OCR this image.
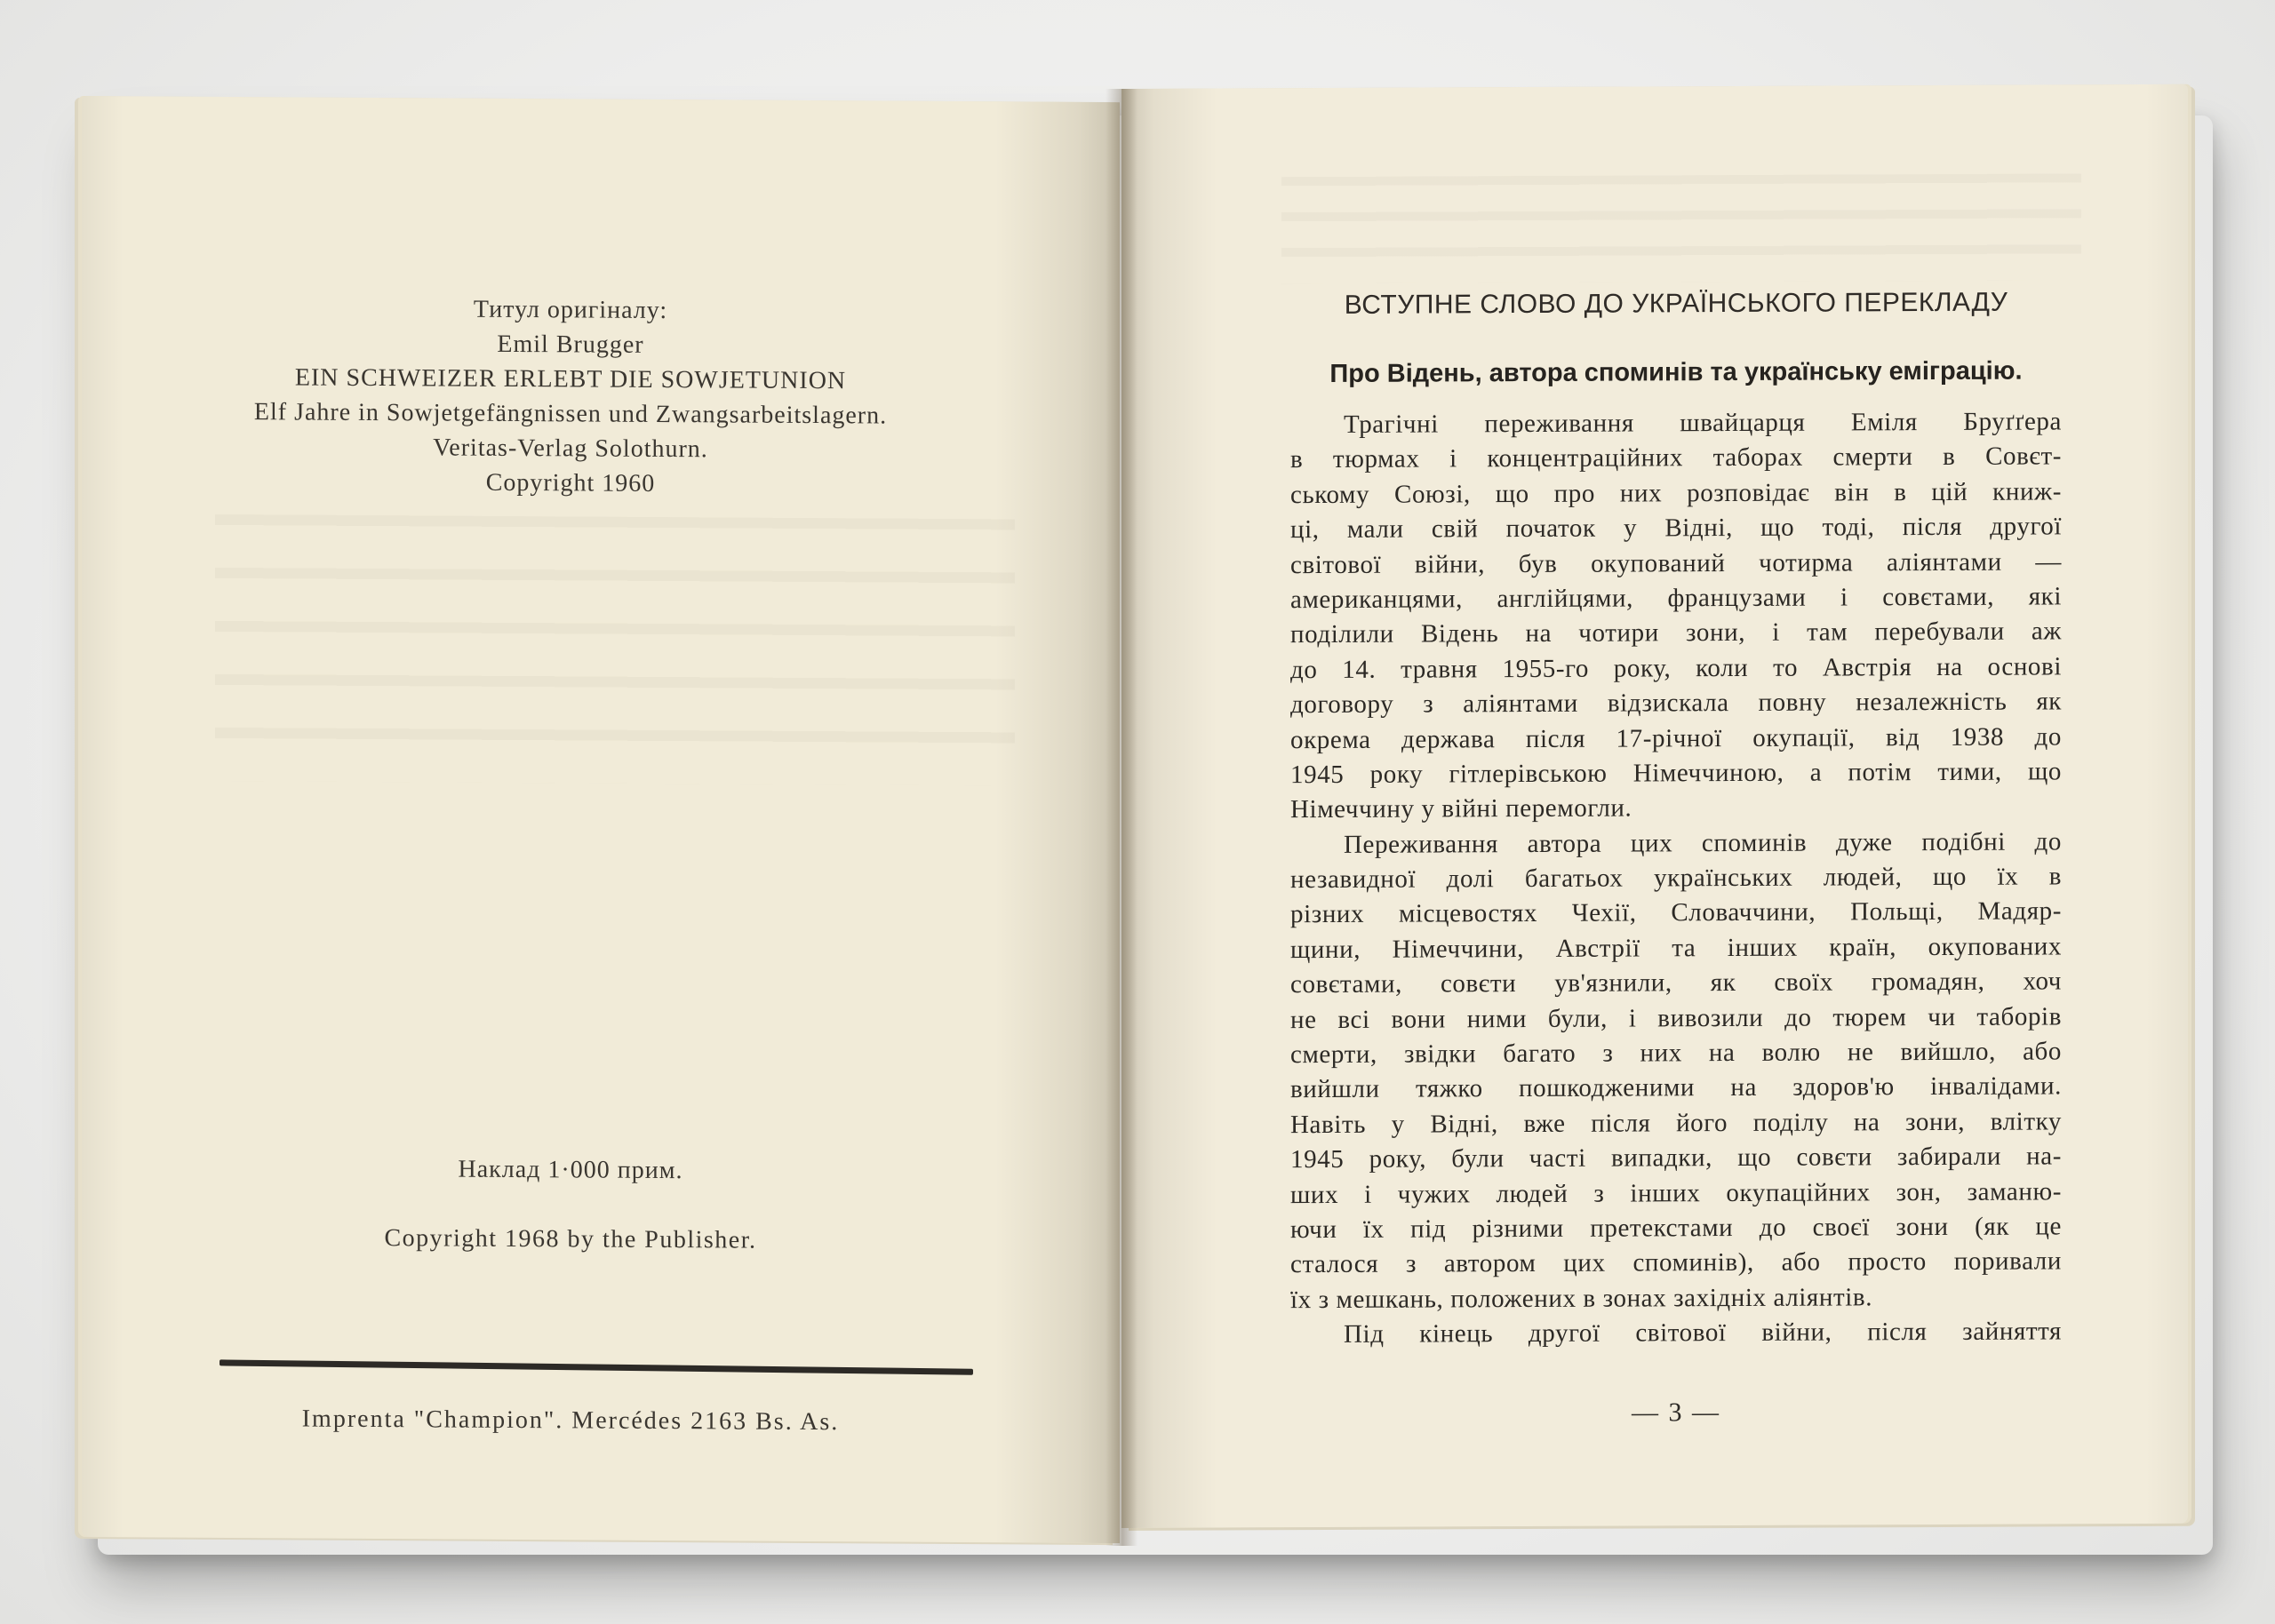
Титул оригіналу:
Emil Brugger
EIN SCHWEIZER ERLEBT DIE SOWJETUNION
Elf Jahre in Sowjetgefängnissen und Zwangsarbeitslagern.
Veritas-Verlag Solothurn.
Copyright 1960
Наклад 1·000 прим.
Copyright 1968 by the Publisher.
Imprenta "Champion". Mercédes 2163 Bs. As.
ВСТУПНЕ СЛОВО ДО УКРАЇНСЬКОГО ПЕРЕКЛАДУ
Про Відень, автора споминів та українську еміграцію.
Трагічні переживання швайцарця Еміля Бруґґера
в тюрмах і концентраційних таборах смерти в Совєт-
ському Союзі, що про них розповідає він в цій книж-
ці, мали свій початок у Відні, що тоді, після другої
світової війни, був окупований чотирма аліянтами —
американцями, англійцями, французами і совєтами, які
поділили Відень на чотири зони, і там перебували аж
до 14. травня 1955-го року, коли то Австрія на основі
договору з аліянтами відзискала повну незалежність як
окрема держава після 17-річної окупації, від 1938 до
1945 року гітлерівською Німеччиною, а потім тими, що
Німеччину у війні перемогли.
Переживання автора цих споминів дуже подібні до
незавидної долі багатьох українських людей, що їх в
різних місцевостях Чехії, Словаччини, Польщі, Мадяр-
щини, Німеччини, Австрії та інших країн, окупованих
совєтами, совєти ув'язнили, як своїх громадян, хоч
не всі вони ними були, і вивозили до тюрем чи таборів
смерти, звідки багато з них на волю не вийшло, або
вийшли тяжко пошкодженими на здоров'ю інвалідами.
Навіть у Відні, вже після його поділу на зони, влітку
1945 року, були часті випадки, що совєти забирали на-
ших і чужих людей з інших окупаційних зон, заманю-
ючи їх під різними претекстами до своєї зони (як це
сталося з автором цих споминів), або просто поривали
їх з мешкань, положених в зонах західніх аліянтів.
Під кінець другої світової війни, після зайняття
— 3 —
